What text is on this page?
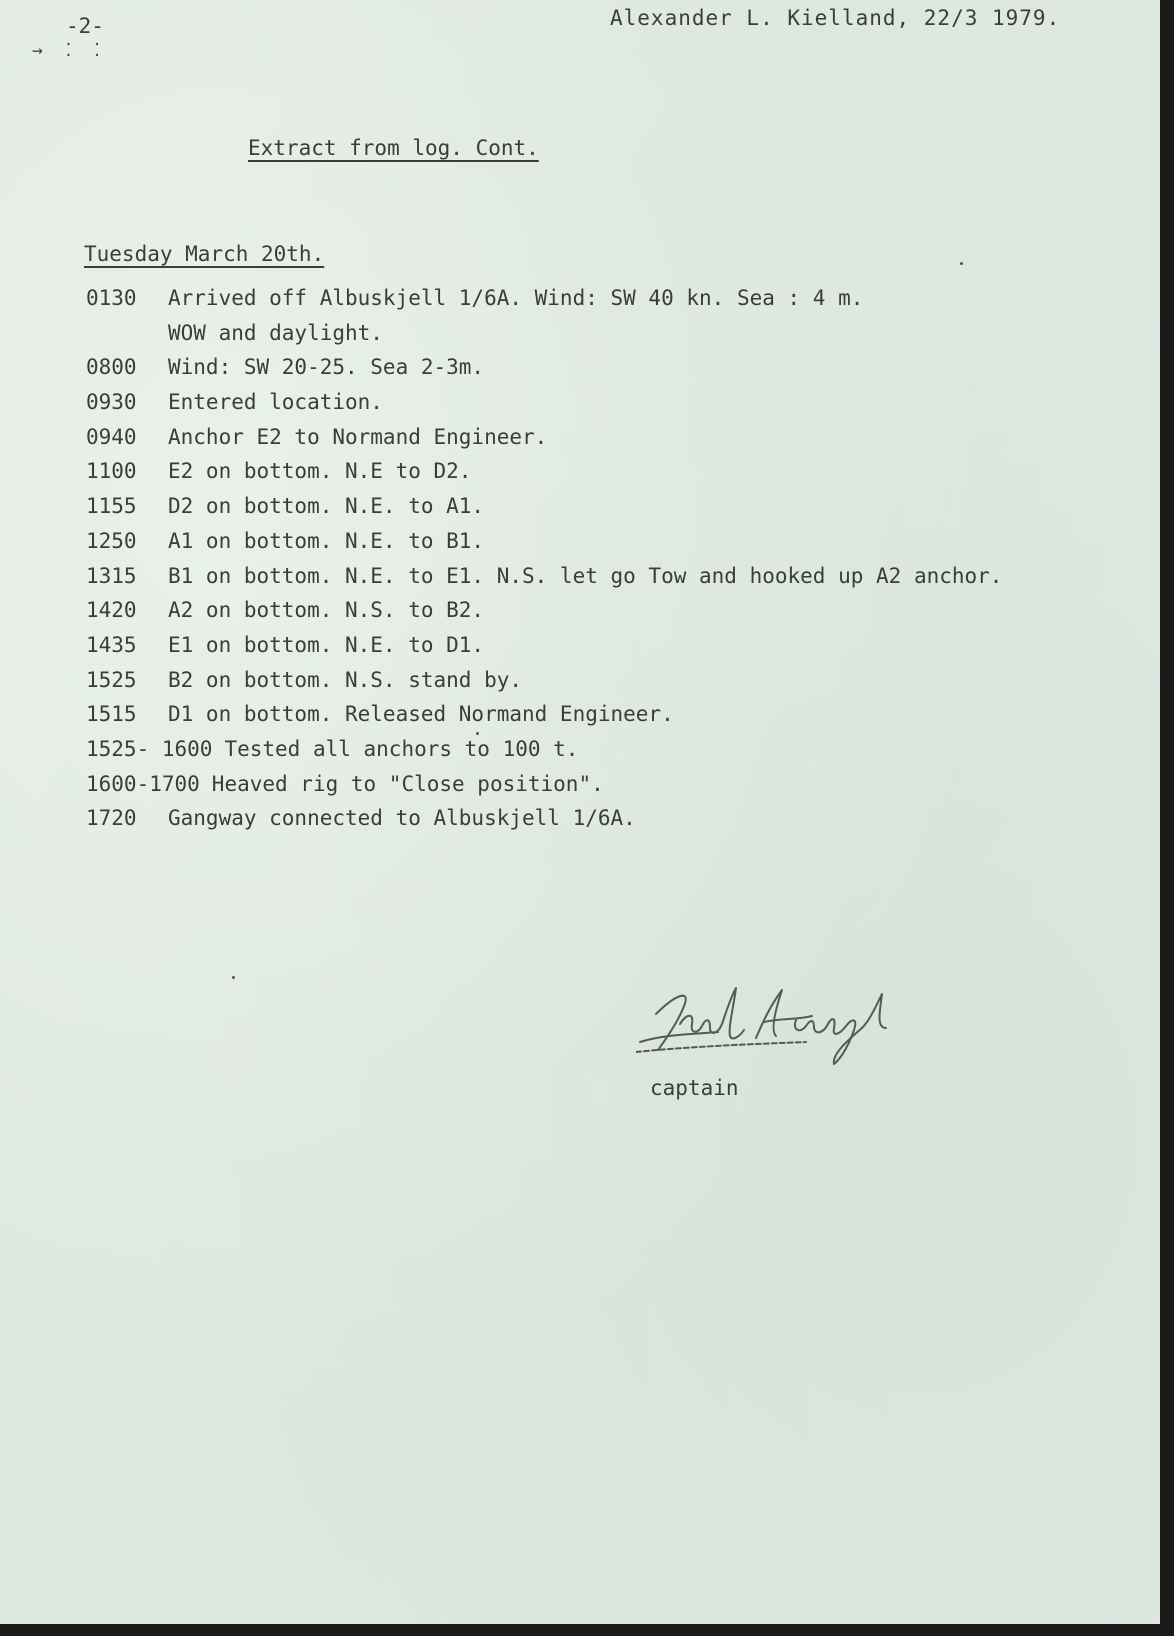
-2-	Alexander L. Kielland, 22/3 1979.
→ ⁚ ⁚
Extract from log. Cont.
Tuesday March 20th.
0130	Arrived off Albuskjell 1/6A. Wind: SW 40 kn. Sea : 4 m.
WOW and daylight.
0800	Wind: SW 20-25. Sea 2-3m.
0930	Entered location.
0940	Anchor E2 to Normand Engineer.
1100	E2 on bottom. N.E to D2.
1155	D2 on bottom. N.E. to A1.
1250	A1 on bottom. N.E. to B1.
1315	B1 on bottom. N.E. to E1. N.S. let go Tow and hooked up A2 anchor.
1420	A2 on bottom. N.S. to B2.
1435	E1 on bottom. N.E. to D1.
1525	B2 on bottom. N.S. stand by.
1515	D1 on bottom. Released Normand Engineer.
1525- 1600 Tested all anchors to 100 t.
1600-1700 Heaved rig to "Close position".
1720	Gangway connected to Albuskjell 1/6A.
captain
